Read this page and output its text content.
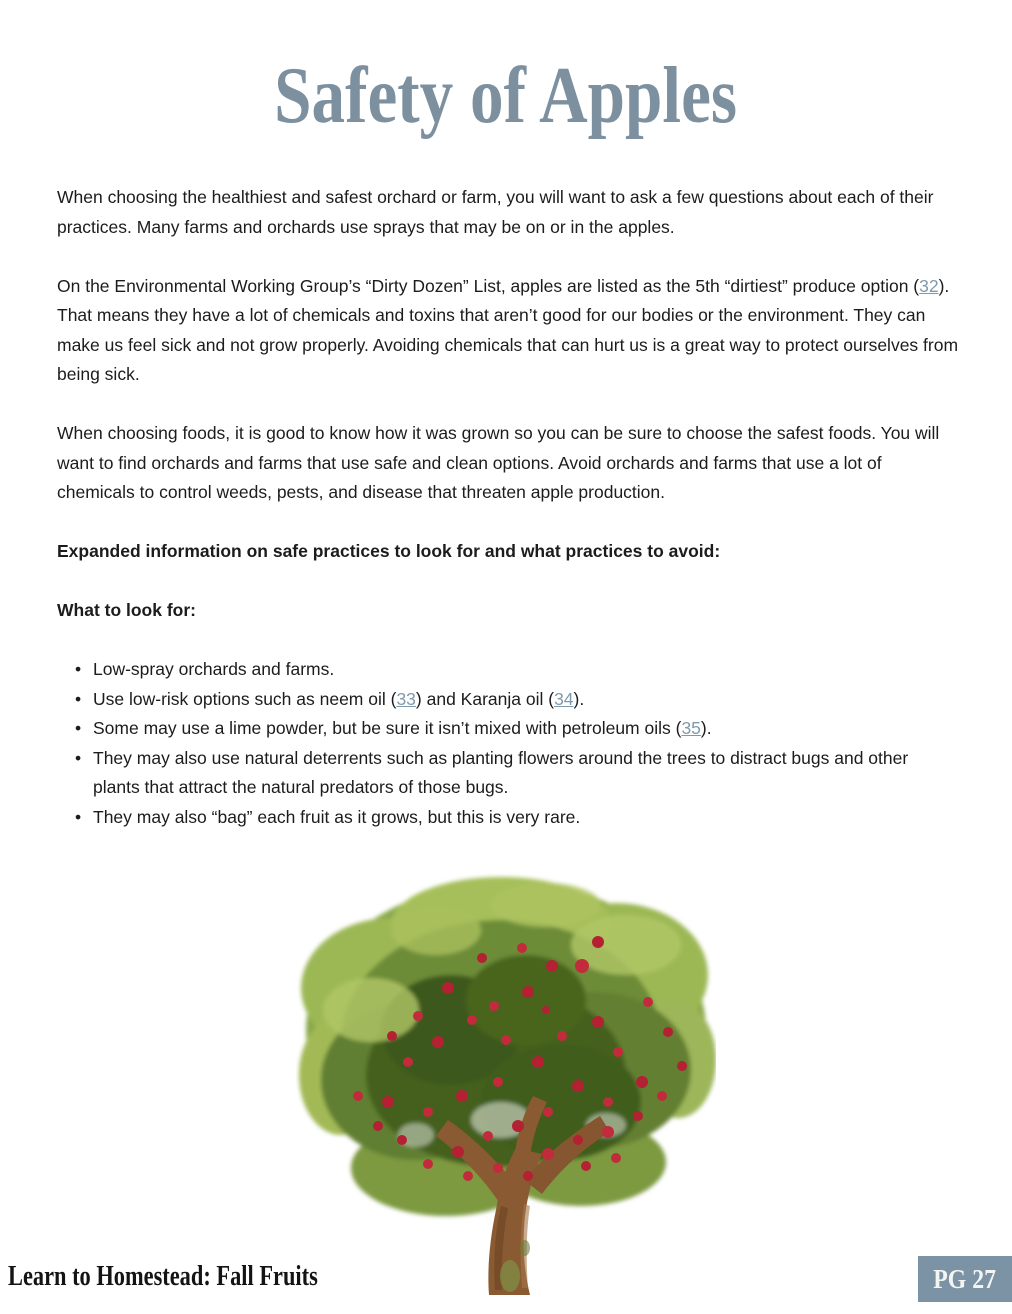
Safety of Apples

When choosing the healthiest and safest orchard or farm, you will want to ask a few questions about each of their practices. Many farms and orchards use sprays that may be on or in the apples.

On the Environmental Working Group’s “Dirty Dozen” List, apples are listed as the 5th “dirtiest” produce option (32). That means they have a lot of chemicals and toxins that aren’t good for our bodies or the environment. They can make us feel sick and not grow properly. Avoiding chemicals that can hurt us is a great way to protect ourselves from being sick.

When choosing foods, it is good to know how it was grown so you can be sure to choose the safest foods. You will want to find orchards and farms that use safe and clean options. Avoid orchards and farms that use a lot of chemicals to control weeds, pests, and disease that threaten apple production.

Expanded information on safe practices to look for and what practices to avoid:

What to look for:

• Low-spray orchards and farms.
• Use low-risk options such as neem oil (33) and Karanja oil (34).
• Some may use a lime powder, but be sure it isn’t mixed with petroleum oils (35).
• They may also use natural deterrents such as planting flowers around the trees to distract bugs and other plants that attract the natural predators of those bugs.
• They may also “bag” each fruit as it grows, but this is very rare.
Learn to Homestead: Fall Fruits	PG 27
